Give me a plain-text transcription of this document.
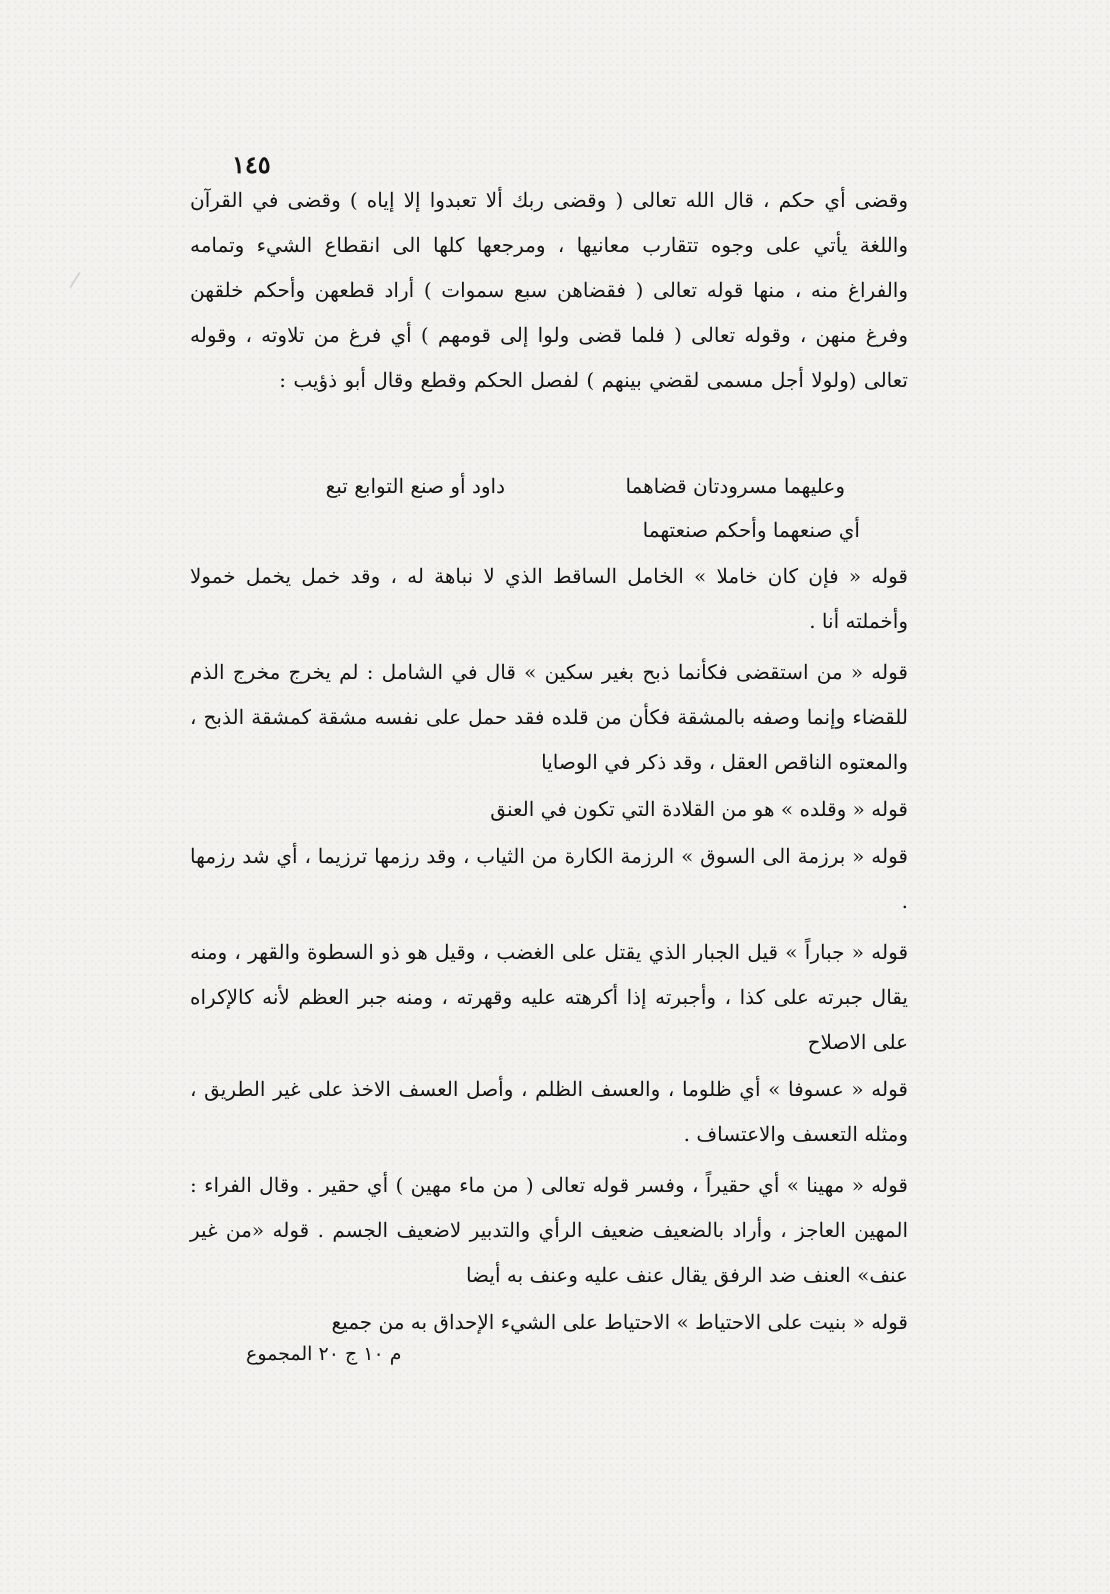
١٤٥

وقضى أي حكم ، قال الله تعالى ( وقضى ربك ألا تعبدوا إلا إياه ) وقضى في القرآن واللغة يأتي على وجوه تتقارب معانيها ، ومرجعها كلها الى انقطاع الشيء وتمامه والفراغ منه ، منها قوله تعالى ( فقضاهن سبع سموات ) أراد قطعهن وأحكم خلقهن وفرغ منهن ، وقوله تعالى ( فلما قضى ولوا إلى قومهم ) أي فرغ من تلاوته ، وقوله تعالى (ولولا أجل مسمى لقضي بينهم ) لفصل الحكم وقطع وقال أبو ذؤيب :

وعليهما مسرودتان قضاهما
داود أو صنع التوابع تبع
أي صنعهما وأحكم صنعتهما

قوله « فإن كان خاملا » الخامل الساقط الذي لا نباهة له ، وقد خمل يخمل خمولا وأخملته أنا .

قوله « من استقضى فكأنما ذبح بغير سكين » قال في الشامل : لم يخرج مخرج الذم للقضاء وإنما وصفه بالمشقة فكأن من قلده فقد حمل على نفسه مشقة كمشقة الذبح ، والمعتوه الناقص العقل ، وقد ذكر في الوصايا

قوله « وقلده » هو من القلادة التي تكون في العنق

قوله « برزمة الى السوق » الرزمة الكارة من الثياب ، وقد رزمها ترزيما ، أي شد رزمها .

قوله « جباراً » قيل الجبار الذي يقتل على الغضب ، وقيل هو ذو السطوة والقهر ، ومنه يقال جبرته على كذا ، وأجبرته إذا أكرهته عليه وقهرته ، ومنه جبر العظم لأنه كالإكراه على الاصلاح

قوله « عسوفا » أي ظلوما ، والعسف الظلم ، وأصل العسف الاخذ على غير الطريق ، ومثله التعسف والاعتساف .

قوله « مهينا » أي حقيراً ، وفسر قوله تعالى ( من ماء مهين ) أي حقير . وقال الفراء : المهين العاجز ، وأراد بالضعيف ضعيف الرأي والتدبير لاضعيف الجسم . قوله «من غير عنف» العنف ضد الرفق يقال عنف عليه وعنف به أيضا

قوله « بنيت على الاحتياط » الاحتياط على الشيء الإحداق به من جميع

م ١٠ ج ٢٠ المجموع
